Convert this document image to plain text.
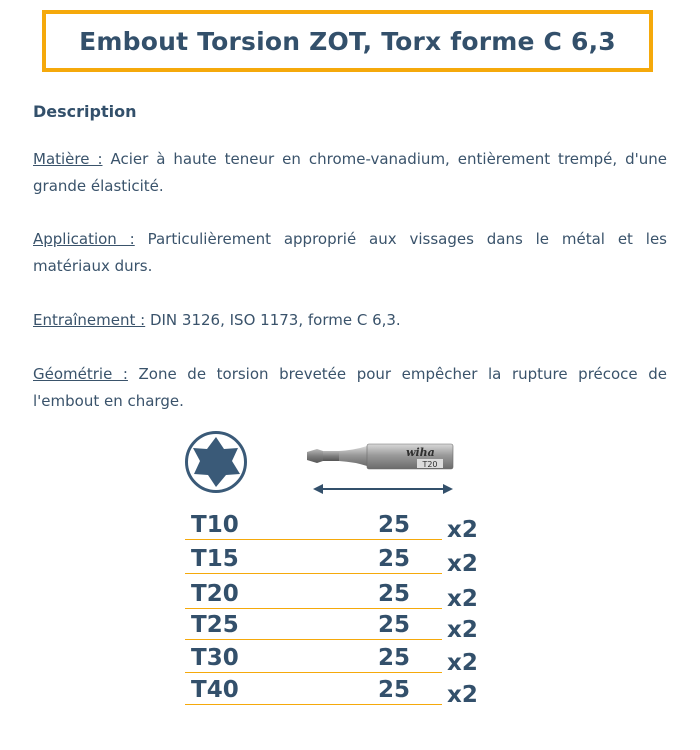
Embout Torsion ZOT, Torx forme C 6,3
Description

Matière : Acier à haute teneur en chrome-vanadium, entièrement trempé, d'une grande élasticité.

Application : Particulièrement approprié aux vissages dans le métal et les matériaux durs.

Entraînement : DIN 3126, ISO 1173, forme C 6,3.

Géométrie : Zone de torsion brevetée pour empêcher la rupture précoce de l'embout en charge.

wiha
T20
T10	25 x2
T15	25 x2
T20	25 x2
T25	25 x2
T30	25 x2
T40	25 x2
